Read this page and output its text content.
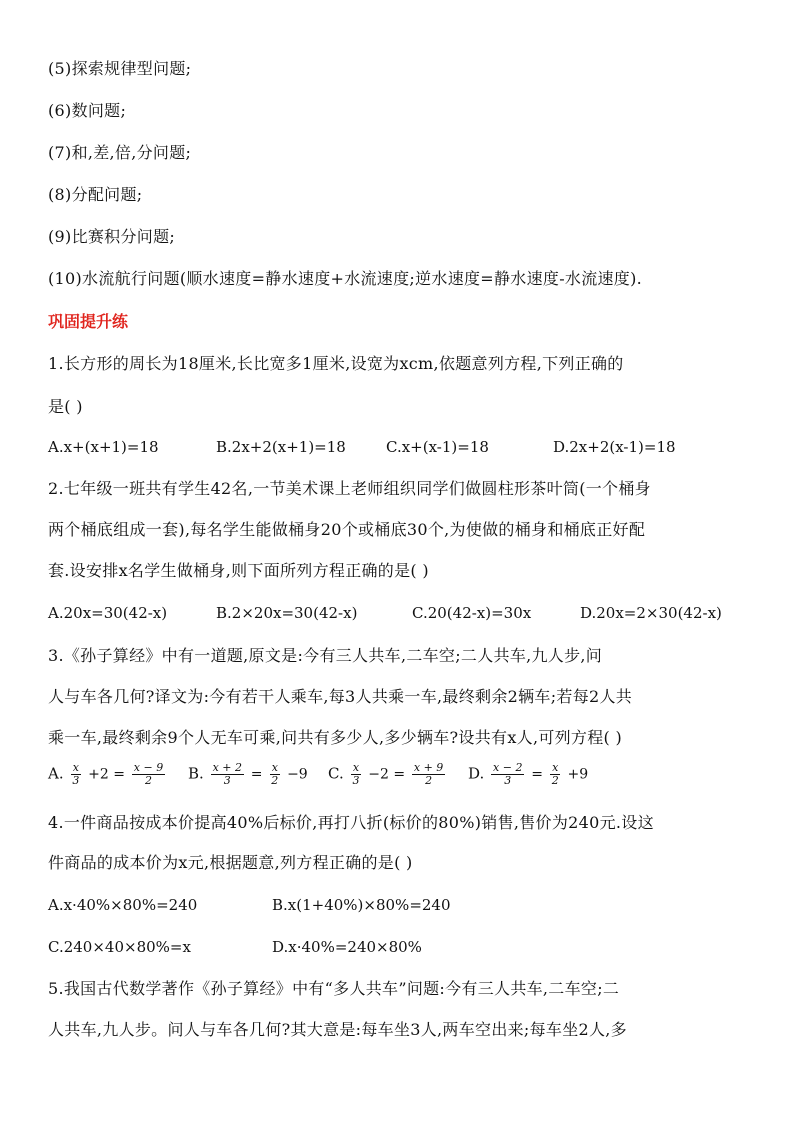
(5)探索规律型问题;
(6)数问题;
(7)和,差,倍,分问题;
(8)分配问题;
(9)比赛积分问题;
(10)水流航行问题(顺水速度=静水速度+水流速度;逆水速度=静水速度-水流速度).
巩固提升练
1.长方形的周长为18厘米,长比宽多1厘米,设宽为xcm,依题意列方程,下列正确的
是( )
A.x+(x+1)=18	B.2x+2(x+1)=18	C.x+(x-1)=18	D.2x+2(x-1)=18
2.七年级一班共有学生42名,一节美术课上老师组织同学们做圆柱形茶叶筒(一个桶身
两个桶底组成一套),每名学生能做桶身20个或桶底30个,为使做的桶身和桶底正好配
套.设安排x名学生做桶身,则下面所列方程正确的是( )
A.20x=30(42-x)	B.2×20x=30(42-x)	C.20(42-x)=30x	D.20x=2×30(42-x)
3.《孙子算经》中有一道题,原文是:今有三人共车,二车空;二人共车,九人步,问
人与车各几何?译文为:今有若干人乘车,每3人共乘一车,最终剩余2辆车;若每2人共
乘一车,最终剩余9个人无车可乘,问共有多少人,多少辆车?设共有x人,可列方程( )
A. $\frac{x}{3} +2 = \frac{x - 9}{2} B$. $\frac{x + 2}{3} = \frac{x}{2} -9$ C. $\frac{x}{3} -2 = \frac{x + 9}{2} D$. $\frac{x - 2}{3} = \frac{x}{2} +9$
4.一件商品按成本价提高40%后标价,再打八折(标价的80%)销售,售价为240元.设这
件商品的成本价为x元,根据题意,列方程正确的是( )
A.x·40%×80%=240	B.x(1+40%)×80%=240
C.240×40×80%=x	D.x·40%=240×80%
5.我国古代数学著作《孙子算经》中有“多人共车”问题:今有三人共车,二车空;二
人共车,九人步。问人与车各几何?其大意是:每车坐3人,两车空出来;每车坐2人,多
